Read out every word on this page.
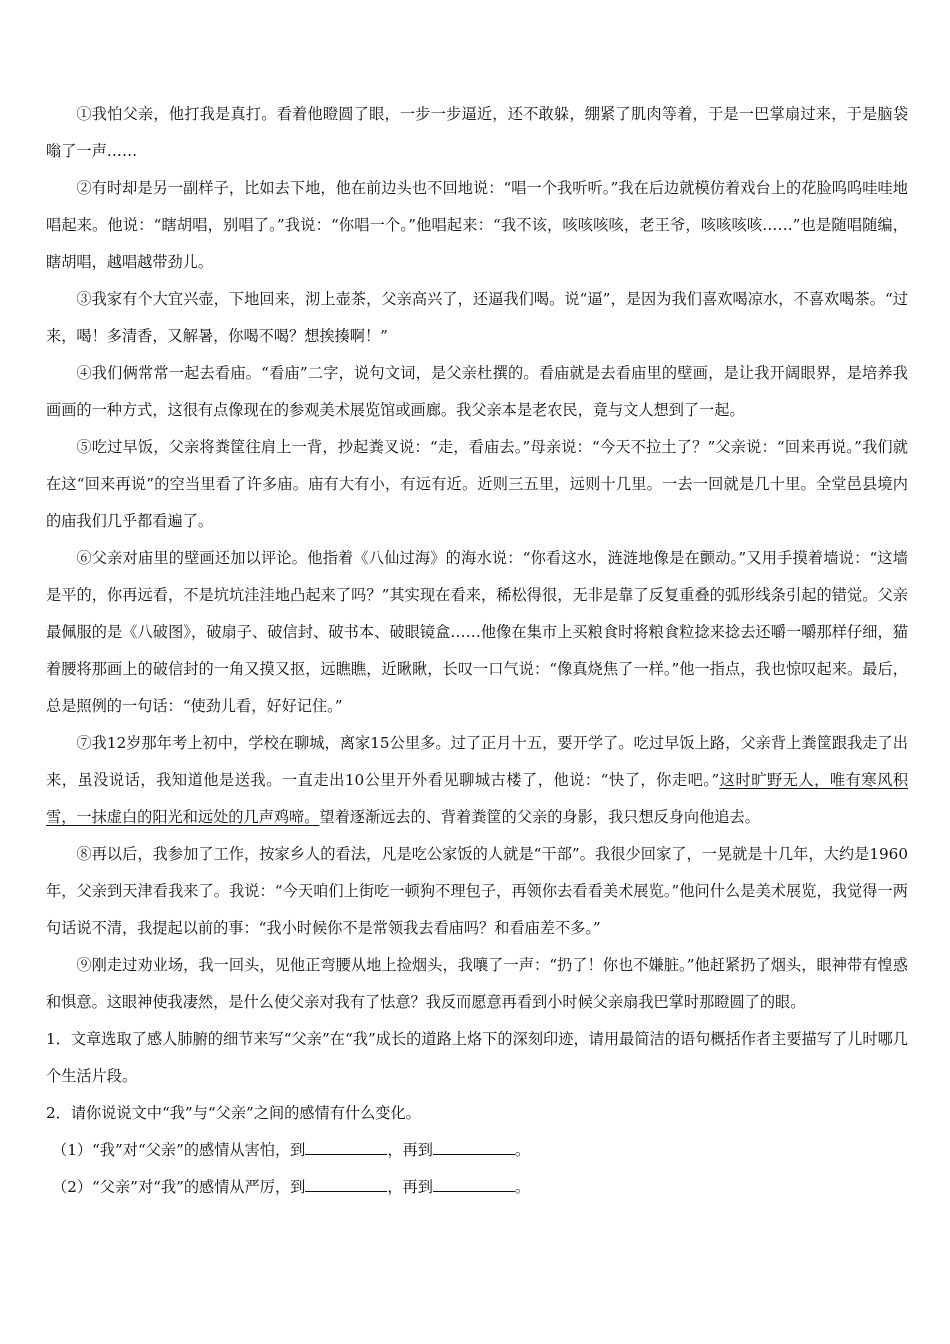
①我怕父亲，他打我是真打。看着他瞪圆了眼，一步一步逼近，还不敢躲，绷紧了肌肉等着，于是一巴掌扇过来，于是脑袋嗡了一声……

②有时却是另一副样子，比如去下地，他在前边头也不回地说：“唱一个我听听。”我在后边就模仿着戏台上的花脸呜呜哇哇地唱起来。他说：“瞎胡唱，别唱了。”我说：“你唱一个。”他唱起来：“我不该，咳咳咳咳，老王爷，咳咳咳咳……”也是随唱随编，瞎胡唱，越唱越带劲儿。

③我家有个大宜兴壶，下地回来，沏上壶茶，父亲高兴了，还逼我们喝。说“逼”，是因为我们喜欢喝凉水，不喜欢喝茶。“过来，喝！多清香，又解暑，你喝不喝？想挨揍啊！”

④我们俩常常一起去看庙。“看庙”二字，说句文词，是父亲杜撰的。看庙就是去看庙里的壁画，是让我开阔眼界，是培养我画画的一种方式，这很有点像现在的参观美术展览馆或画廊。我父亲本是老农民，竟与文人想到了一起。

⑤吃过早饭，父亲将粪筐往肩上一背，抄起粪叉说：“走，看庙去。”母亲说：“今天不拉土了？”父亲说：“回来再说。”我们就在这“回来再说”的空当里看了许多庙。庙有大有小，有远有近。近则三五里，远则十几里。一去一回就是几十里。全堂邑县境内的庙我们几乎都看遍了。

⑥父亲对庙里的壁画还加以评论。他指着《八仙过海》的海水说：“你看这水，涟涟地像是在颤动。”又用手摸着墙说：“这墙是平的，你再远看，不是坑坑洼洼地凸起来了吗？”其实现在看来，稀松得很，无非是靠了反复重叠的弧形线条引起的错觉。父亲最佩服的是《八破图》，破扇子、破信封、破书本、破眼镜盒……他像在集市上买粮食时将粮食粒捻来捻去还嚼一嚼那样仔细，猫着腰将那画上的破信封的一角又摸又抠，远瞧瞧，近瞅瞅，长叹一口气说：“像真烧焦了一样。”他一指点，我也惊叹起来。最后，总是照例的一句话：“使劲儿看，好好记住。”

⑦我12岁那年考上初中，学校在聊城，离家15公里多。过了正月十五，要开学了。吃过早饭上路，父亲背上粪筐跟我走了出来，虽没说话，我知道他是送我。一直走出10公里开外看见聊城古楼了，他说：“快了，你走吧。”这时旷野无人，唯有寒风积雪，一抹虚白的阳光和远处的几声鸡啼。望着逐渐远去的、背着粪筐的父亲的身影，我只想反身向他追去。

⑧再以后，我参加了工作，按家乡人的看法，凡是吃公家饭的人就是“干部”。我很少回家了，一晃就是十几年，大约是1960年，父亲到天津看我来了。我说：“今天咱们上街吃一顿狗不理包子，再领你去看看美术展览。”他问什么是美术展览，我觉得一两句话说不清，我提起以前的事：“我小时候你不是常领我去看庙吗？和看庙差不多。”

⑨刚走过劝业场，我一回头，见他正弯腰从地上捡烟头，我嚷了一声：“扔了！你也不嫌脏。”他赶紧扔了烟头，眼神带有惶惑和惧意。这眼神使我凄然，是什么使父亲对我有了怯意？我反而愿意再看到小时候父亲扇我巴掌时那瞪圆了的眼。

1．文章选取了感人肺腑的细节来写“父亲”在“我”成长的道路上烙下的深刻印迹，请用最简洁的语句概括作者主要描写了儿时哪几个生活片段。

2．请你说说文中“我”与“父亲”之间的感情有什么变化。

（1）“我”对“父亲”的感情从害怕，到	，再到	。

（2）“父亲”对“我”的感情从严厉，到	，再到	。
